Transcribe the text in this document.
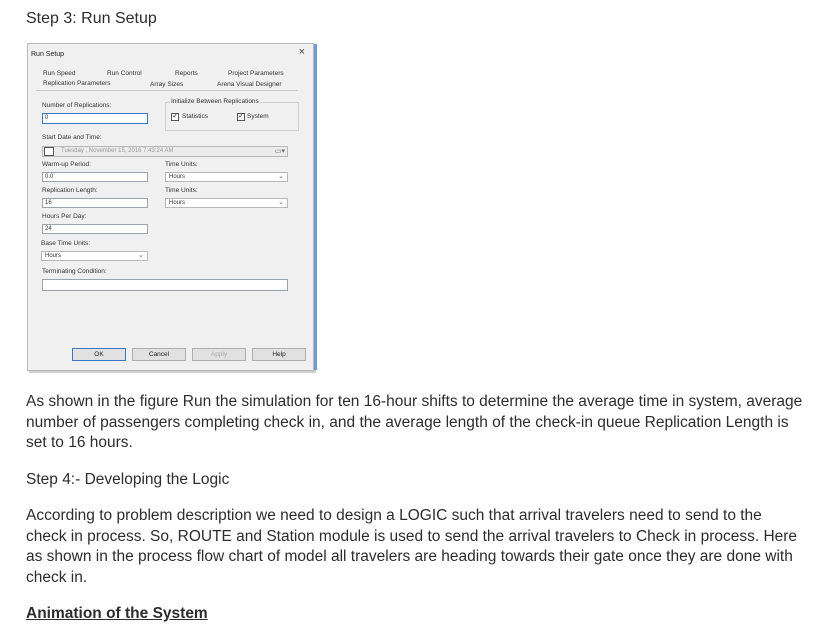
Step 3: Run Setup
Run Setup	×
Run Speed	Run Control	Reports	Project Parameters
Replication Parameters	Array Sizes	Arena Visual Designer
Number of Replications:
0
Initialize Between Replications
✓ Statistics	✓ System
Start Date and Time:
Tuesday , November 15, 2016 7:43:24 AM	▭▾
Warm-up Period:
0.0
Time Units:
Hours	⌄
Replication Length:
16
Time Units:
Hours	⌄
Hours Per Day:
24
Base Time Units:
Hours	⌄
Terminating Condition:
OK	Cancel	Apply	Help
As shown in the figure Run the simulation for ten 16-hour shifts to determine the average time in system, average number of passengers completing check in, and the average length of the check-in queue Replication Length is set to 16 hours.
Step 4:- Developing the Logic
According to problem description we need to design a LOGIC such that arrival travelers need to send to the check in process. So, ROUTE and Station module is used to send the arrival travelers to Check in process. Here as shown in the process flow chart of model all travelers are heading towards their gate once they are done with check in.
Animation of the System
